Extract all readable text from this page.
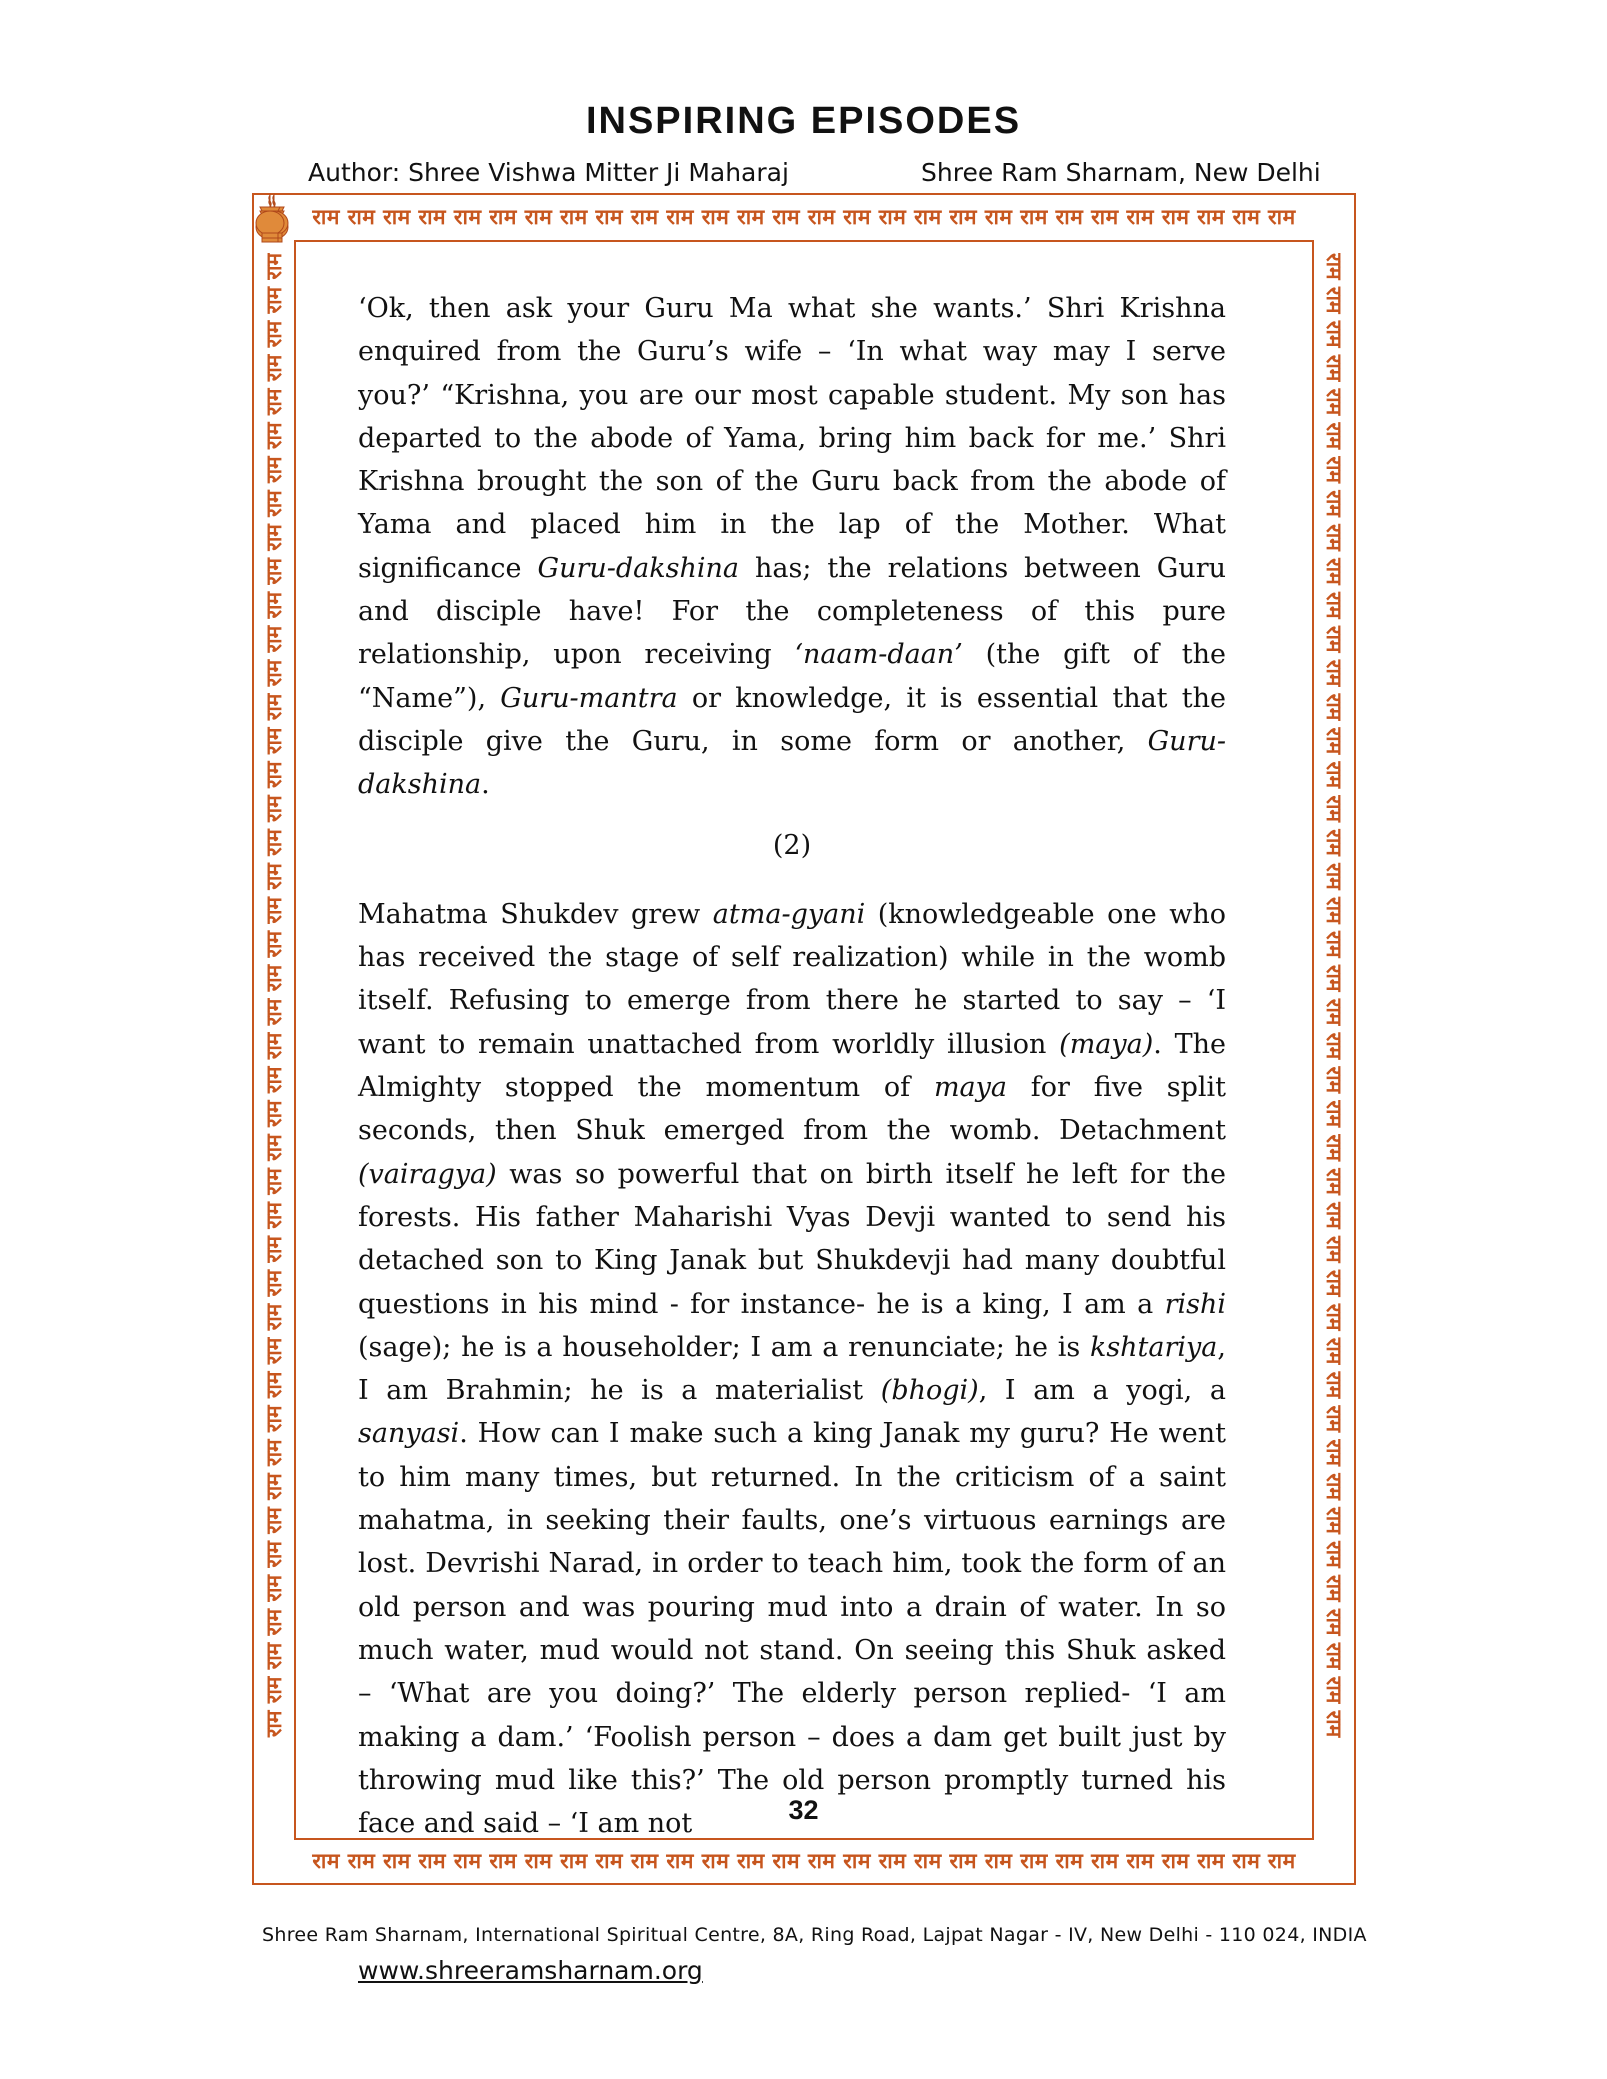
INSPIRING EPISODES
Author: Shree Vishwa Mitter Ji Maharaj	Shree Ram Sharnam, New Delhi
राम राम राम राम राम राम राम राम राम राम राम राम राम राम राम राम राम राम राम राम राम राम राम राम राम राम राम राम
राम राम राम राम राम राम राम राम राम राम राम राम राम राम राम राम राम राम राम राम राम राम राम राम राम राम राम राम
राम राम राम राम राम राम राम राम राम राम राम राम राम राम राम राम राम राम राम राम राम राम राम राम राम राम राम राम राम राम राम राम राम राम राम राम राम राम राम राम राम राम राम राम	राम राम राम राम राम राम राम राम राम राम राम राम राम राम राम राम राम राम राम राम राम राम राम राम राम राम राम राम राम राम राम राम राम राम राम राम राम राम राम राम राम राम राम राम

‘Ok, then ask your Guru Ma what she wants.’ Shri Krishna enquired from the Guru’s wife – ‘In what way may I serve you?’ “Krishna, you are our most capable student. My son has departed to the abode of Yama, bring him back for me.’ Shri Krishna brought the son of the Guru back from the abode of Yama and placed him in the lap of the Mother. What significance Guru-dakshina has; the relations between Guru and disciple have! For the completeness of this pure relationship, upon receiving ‘naam-daan’ (the gift of the “Name”), Guru-mantra or knowledge, it is essential that the disciple give the Guru, in some form or another, Guru-dakshina.

(2)

Mahatma Shukdev grew atma-gyani (knowledgeable one who has received the stage of self realization) while in the womb itself. Refusing to emerge from there he started to say – ‘I want to remain unattached from worldly illusion (maya). The Almighty stopped the momentum of maya for five split seconds, then Shuk emerged from the womb. Detachment (vairagya) was so powerful that on birth itself he left for the forests. His father Maharishi Vyas Devji wanted to send his detached son to King Janak but Shukdevji had many doubtful questions in his mind - for instance- he is a king, I am a rishi (sage); he is a householder; I am a renunciate; he is kshtariya, I am Brahmin; he is a materialist (bhogi), I am a yogi, a sanyasi. How can I make such a king Janak my guru? He went to him many times, but returned. In the criticism of a saint mahatma, in seeking their faults, one’s virtuous earnings are lost. Devrishi Narad, in order to teach him, took the form of an old person and was pouring mud into a drain of water. In so much water, mud would not stand. On seeing this Shuk asked – ‘What are you doing?’ The elderly person replied- ‘I am making a dam.’ ‘Foolish person – does a dam get built just by throwing mud like this?’ The old person promptly turned his face and said – ‘I am not	32
Shree Ram Sharnam, International Spiritual Centre, 8A, Ring Road, Lajpat Nagar - IV, New Delhi - 110 024, INDIA
www.shreeramsharnam.org
